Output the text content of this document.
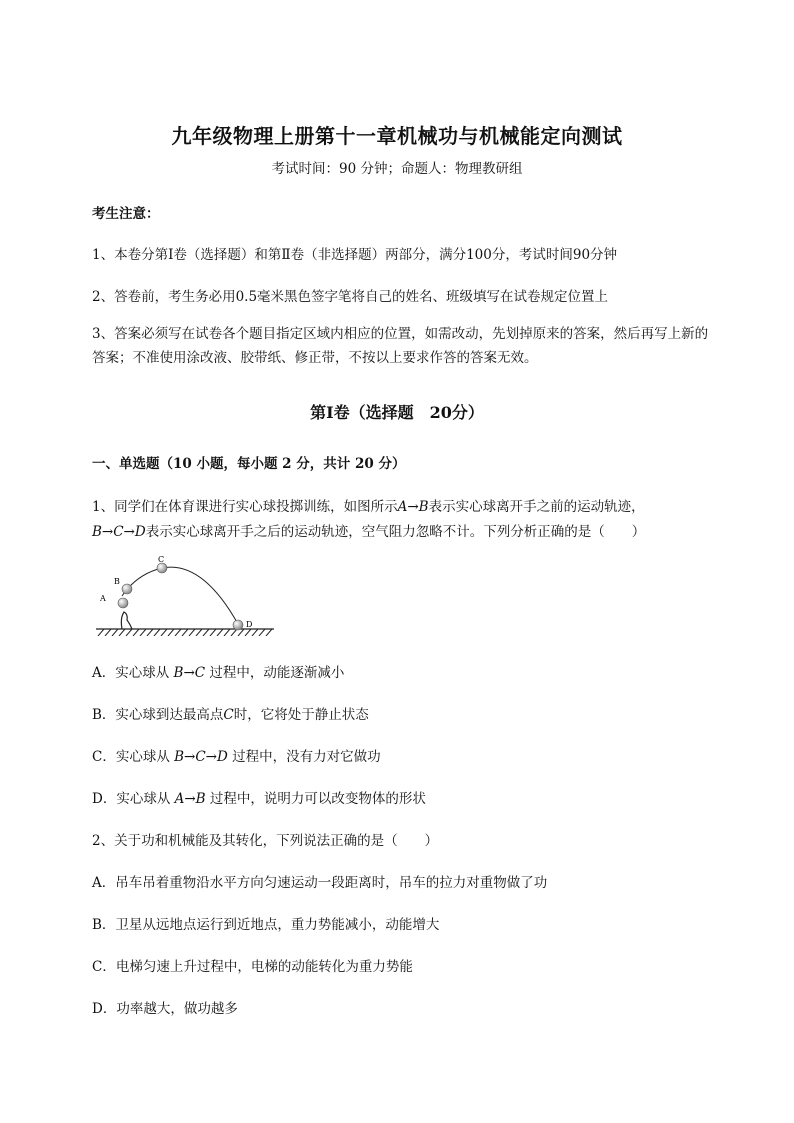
九年级物理上册第十一章机械功与机械能定向测试
考试时间：90 分钟；命题人：物理教研组
考生注意：
1、本卷分第Ⅰ卷（选择题）和第Ⅱ卷（非选择题）两部分，满分100分，考试时间90分钟
2、答卷前，考生务必用0.5毫米黑色签字笔将自己的姓名、班级填写在试卷规定位置上
3、答案必须写在试卷各个题目指定区域内相应的位置，如需改动，先划掉原来的答案，然后再写上新的答案；不准使用涂改液、胶带纸、修正带，不按以上要求作答的答案无效。
第Ⅰ卷（选择题　20分）
一、单选题（10 小题，每小题 2 分，共计 20 分）
1、同学们在体育课进行实心球投掷训练，如图所示A→B表示实心球离开手之前的运动轨迹，
B→C→D表示实心球离开手之后的运动轨迹，空气阻力忽略不计。下列分析正确的是（　　）
A
B
C
D
A．实心球从 B→C 过程中，动能逐渐减小
B．实心球到达最高点C时，它将处于静止状态
C．实心球从 B→C→D 过程中，没有力对它做功
D．实心球从 A→B 过程中，说明力可以改变物体的形状
2、关于功和机械能及其转化，下列说法正确的是（　　）
A．吊车吊着重物沿水平方向匀速运动一段距离时，吊车的拉力对重物做了功
B．卫星从远地点运行到近地点，重力势能减小，动能增大
C．电梯匀速上升过程中，电梯的动能转化为重力势能
D．功率越大，做功越多
